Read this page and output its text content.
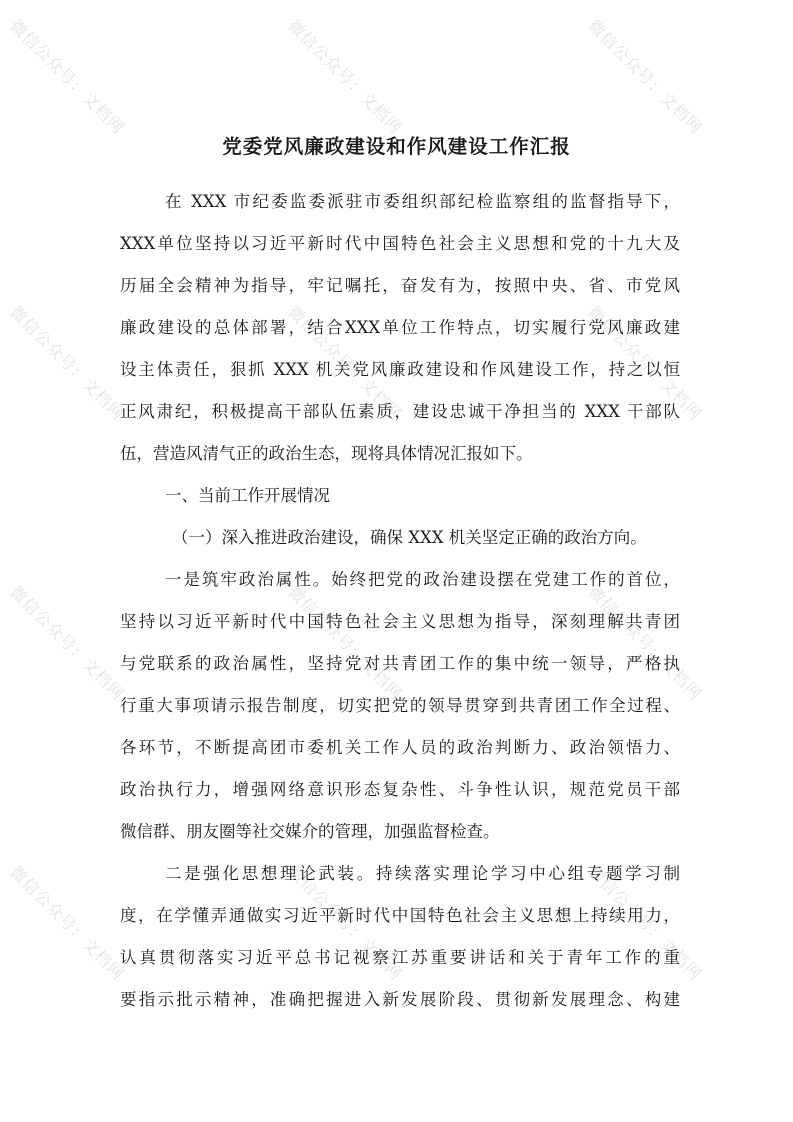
微信公众号：文档网	微信公众号：文档网	微信公众号：文档网
微信公众号：文档网	微信公众号：文档网	微信公众号：文档网
微信公众号：文档网	微信公众号：文档网	微信公众号：文档网
微信公众号：文档网	微信公众号：文档网	微信公众号：文档网
党委党风廉政建设和作风建设工作汇报
在 XXX 市纪委监委派驻市委组织部纪检监察组的监督指导下，
XXX单位坚持以习近平新时代中国特色社会主义思想和党的十九大及
历届全会精神为指导，牢记嘱托，奋发有为，按照中央、省、市党风
廉政建设的总体部署，结合XXX单位工作特点，切实履行党风廉政建
设主体责任，狠抓 XXX 机关党风廉政建设和作风建设工作，持之以恒
正风肃纪，积极提高干部队伍素质，建设忠诚干净担当的 XXX 干部队
伍，营造风清气正的政治生态，现将具体情况汇报如下。
一、当前工作开展情况
（一）深入推进政治建设，确保 XXX 机关坚定正确的政治方向。
一是筑牢政治属性。始终把党的政治建设摆在党建工作的首位，
坚持以习近平新时代中国特色社会主义思想为指导，深刻理解共青团
与党联系的政治属性，坚持党对共青团工作的集中统一领导，严格执
行重大事项请示报告制度，切实把党的领导贯穿到共青团工作全过程、
各环节，不断提高团市委机关工作人员的政治判断力、政治领悟力、
政治执行力，增强网络意识形态复杂性、斗争性认识，规范党员干部
微信群、朋友圈等社交媒介的管理，加强监督检查。
二是强化思想理论武装。持续落实理论学习中心组专题学习制
度，在学懂弄通做实习近平新时代中国特色社会主义思想上持续用力，
认真贯彻落实习近平总书记视察江苏重要讲话和关于青年工作的重
要指示批示精神，准确把握进入新发展阶段、贯彻新发展理念、构建
